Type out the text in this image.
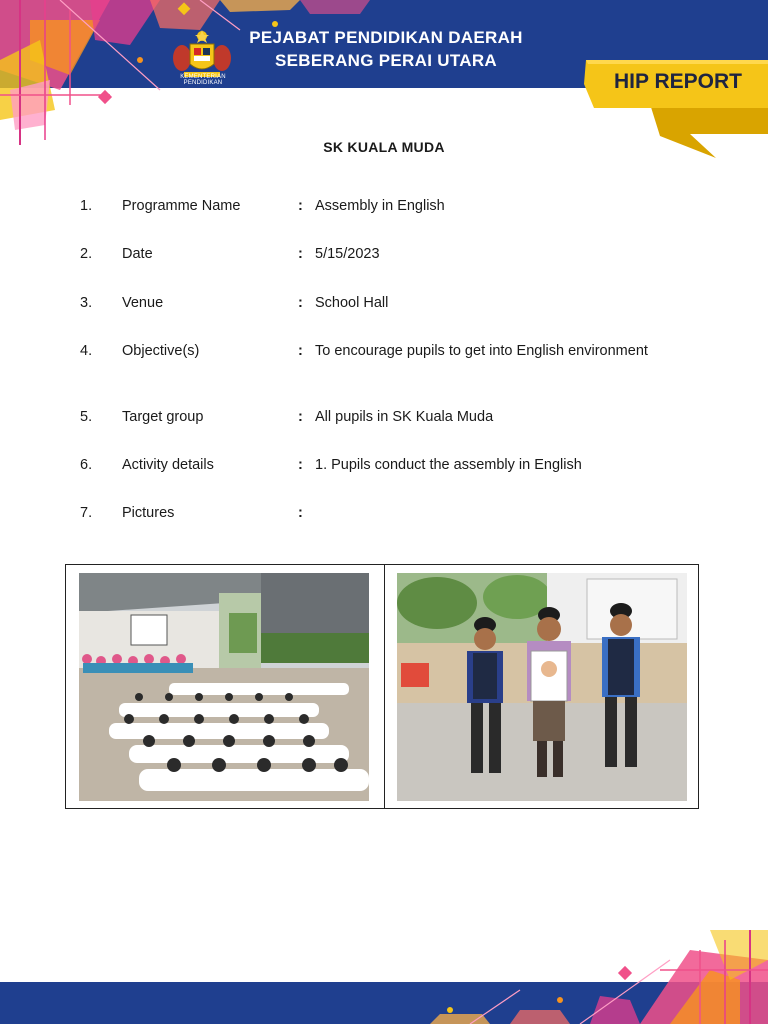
KEMENTERIAN PENDIDIKAN
PEJABAT PENDIDIKAN DAERAH
SEBERANG PERAI UTARA
HIP REPORT
SK KUALA MUDA
1. Programme Name	: Assembly in English
2. Date	: 5/15/2023
3. Venue	: School Hall
4. Objective(s)	: To encourage pupils to get into English environment
5. Target group	: All pupils in SK Kuala Muda
6. Activity details	: 1. Pupils conduct the assembly in English
7. Pictures	:
